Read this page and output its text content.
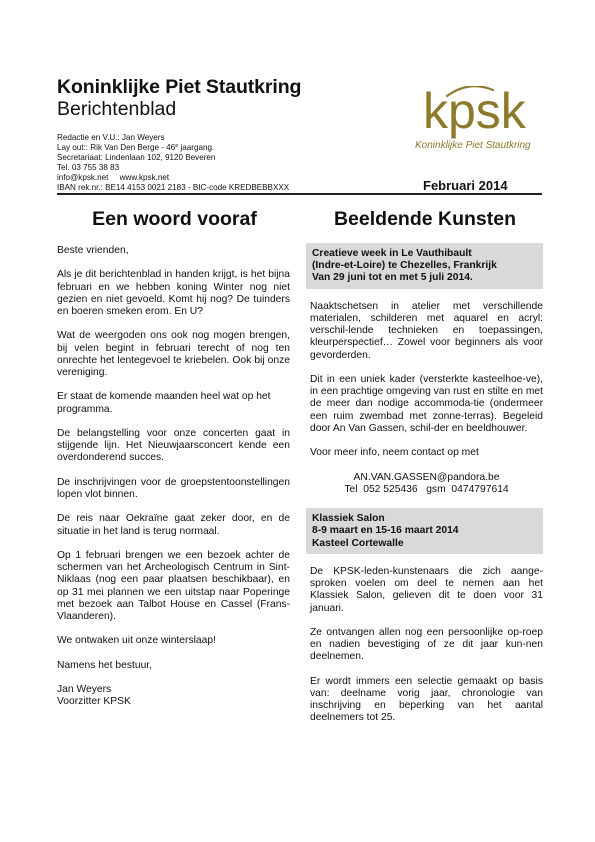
Koninklijke Piet Stautkring
Berichtenblad
Redactie en V.U.: Jan Weyers
Lay out:: Rik Van Den Berge - 46e jaargang.
Secretariaat: Lindenlaan 102, 9120 Beveren
Tel. 03 755 38 83
info@kpsk.net     www.kpsk.net
IBAN rek.nr.: BE14 4153 0021 2183 - BIC-code KREDBEBBXXX
kpsk
Koninklijke Piet Stautkring
Februari 2014
Een woord vooraf	Beeldende Kunsten

Beste vrienden,

Als je dit berichtenblad in handen krijgt, is het bijna februari en we hebben koning Winter nog niet gezien en niet gevoeld. Komt hij nog? De tuinders en boeren smeken erom. En U?

Wat de weergoden ons ook nog mogen brengen, bij velen begint in februari terecht of nog ten onrechte het lentegevoel te kriebelen. Ook bij onze vereniging.

Er staat de komende maanden heel wat op het programma.

De belangstelling voor onze concerten gaat in stijgende lijn. Het Nieuwjaarsconcert kende een overdonderend succes.

De inschrijvingen voor de groepstentoonstellingen lopen vlot binnen.

De reis naar Oekraïne gaat zeker door, en de situatie in het land is terug normaal.

Op 1 februari brengen we een bezoek achter de schermen van het Archeologisch Centrum in Sint-Niklaas (nog een paar plaatsen beschikbaar), en op 31 mei plannen we een uitstap naar Poperinge met bezoek aan Talbot House en Cassel (Frans-Vlaanderen).

We ontwaken uit onze winterslaap!

Namens het bestuur,

Jan Weyers

Voorzitter KPSK

Creatieve week in Le Vauthibault
(Indre-et-Loire) te Chezelles, Frankrijk
Van 29 juni tot en met 5 juli 2014.

Naaktschetsen in atelier met verschillende materialen, schilderen met aquarel en acryl: verschil-lende technieken en toepassingen, kleurperspectief… Zowel voor beginners als voor gevorderden.

Dit in een uniek kader (versterkte kasteelhoe-ve), in een prachtige omgeving van rust en stilte en met de meer dan nodige accommoda-tie (ondermeer een ruim zwembad met zonne-terras). Begeleid door An Van Gassen, schil-der en beeldhouwer.

Voor meer info, neem contact op met

AN.VAN.GASSEN@pandora.be
Tel  052 525436   gsm  0474797614

Klassiek Salon
8-9 maart en 15-16 maart 2014
Kasteel Cortewalle

De KPSK-leden-kunstenaars die zich aange-sproken voelen om deel te nemen aan het Klassiek Salon, gelieven dit te doen voor 31 januari.

Ze ontvangen allen nog een persoonlijke op-roep en nadien bevestiging of ze dit jaar kun-nen deelnemen.

Er wordt immers een selectie gemaakt op basis van: deelname vorig jaar, chronologie van inschrijving en beperking van het aantal deelnemers tot 25.
